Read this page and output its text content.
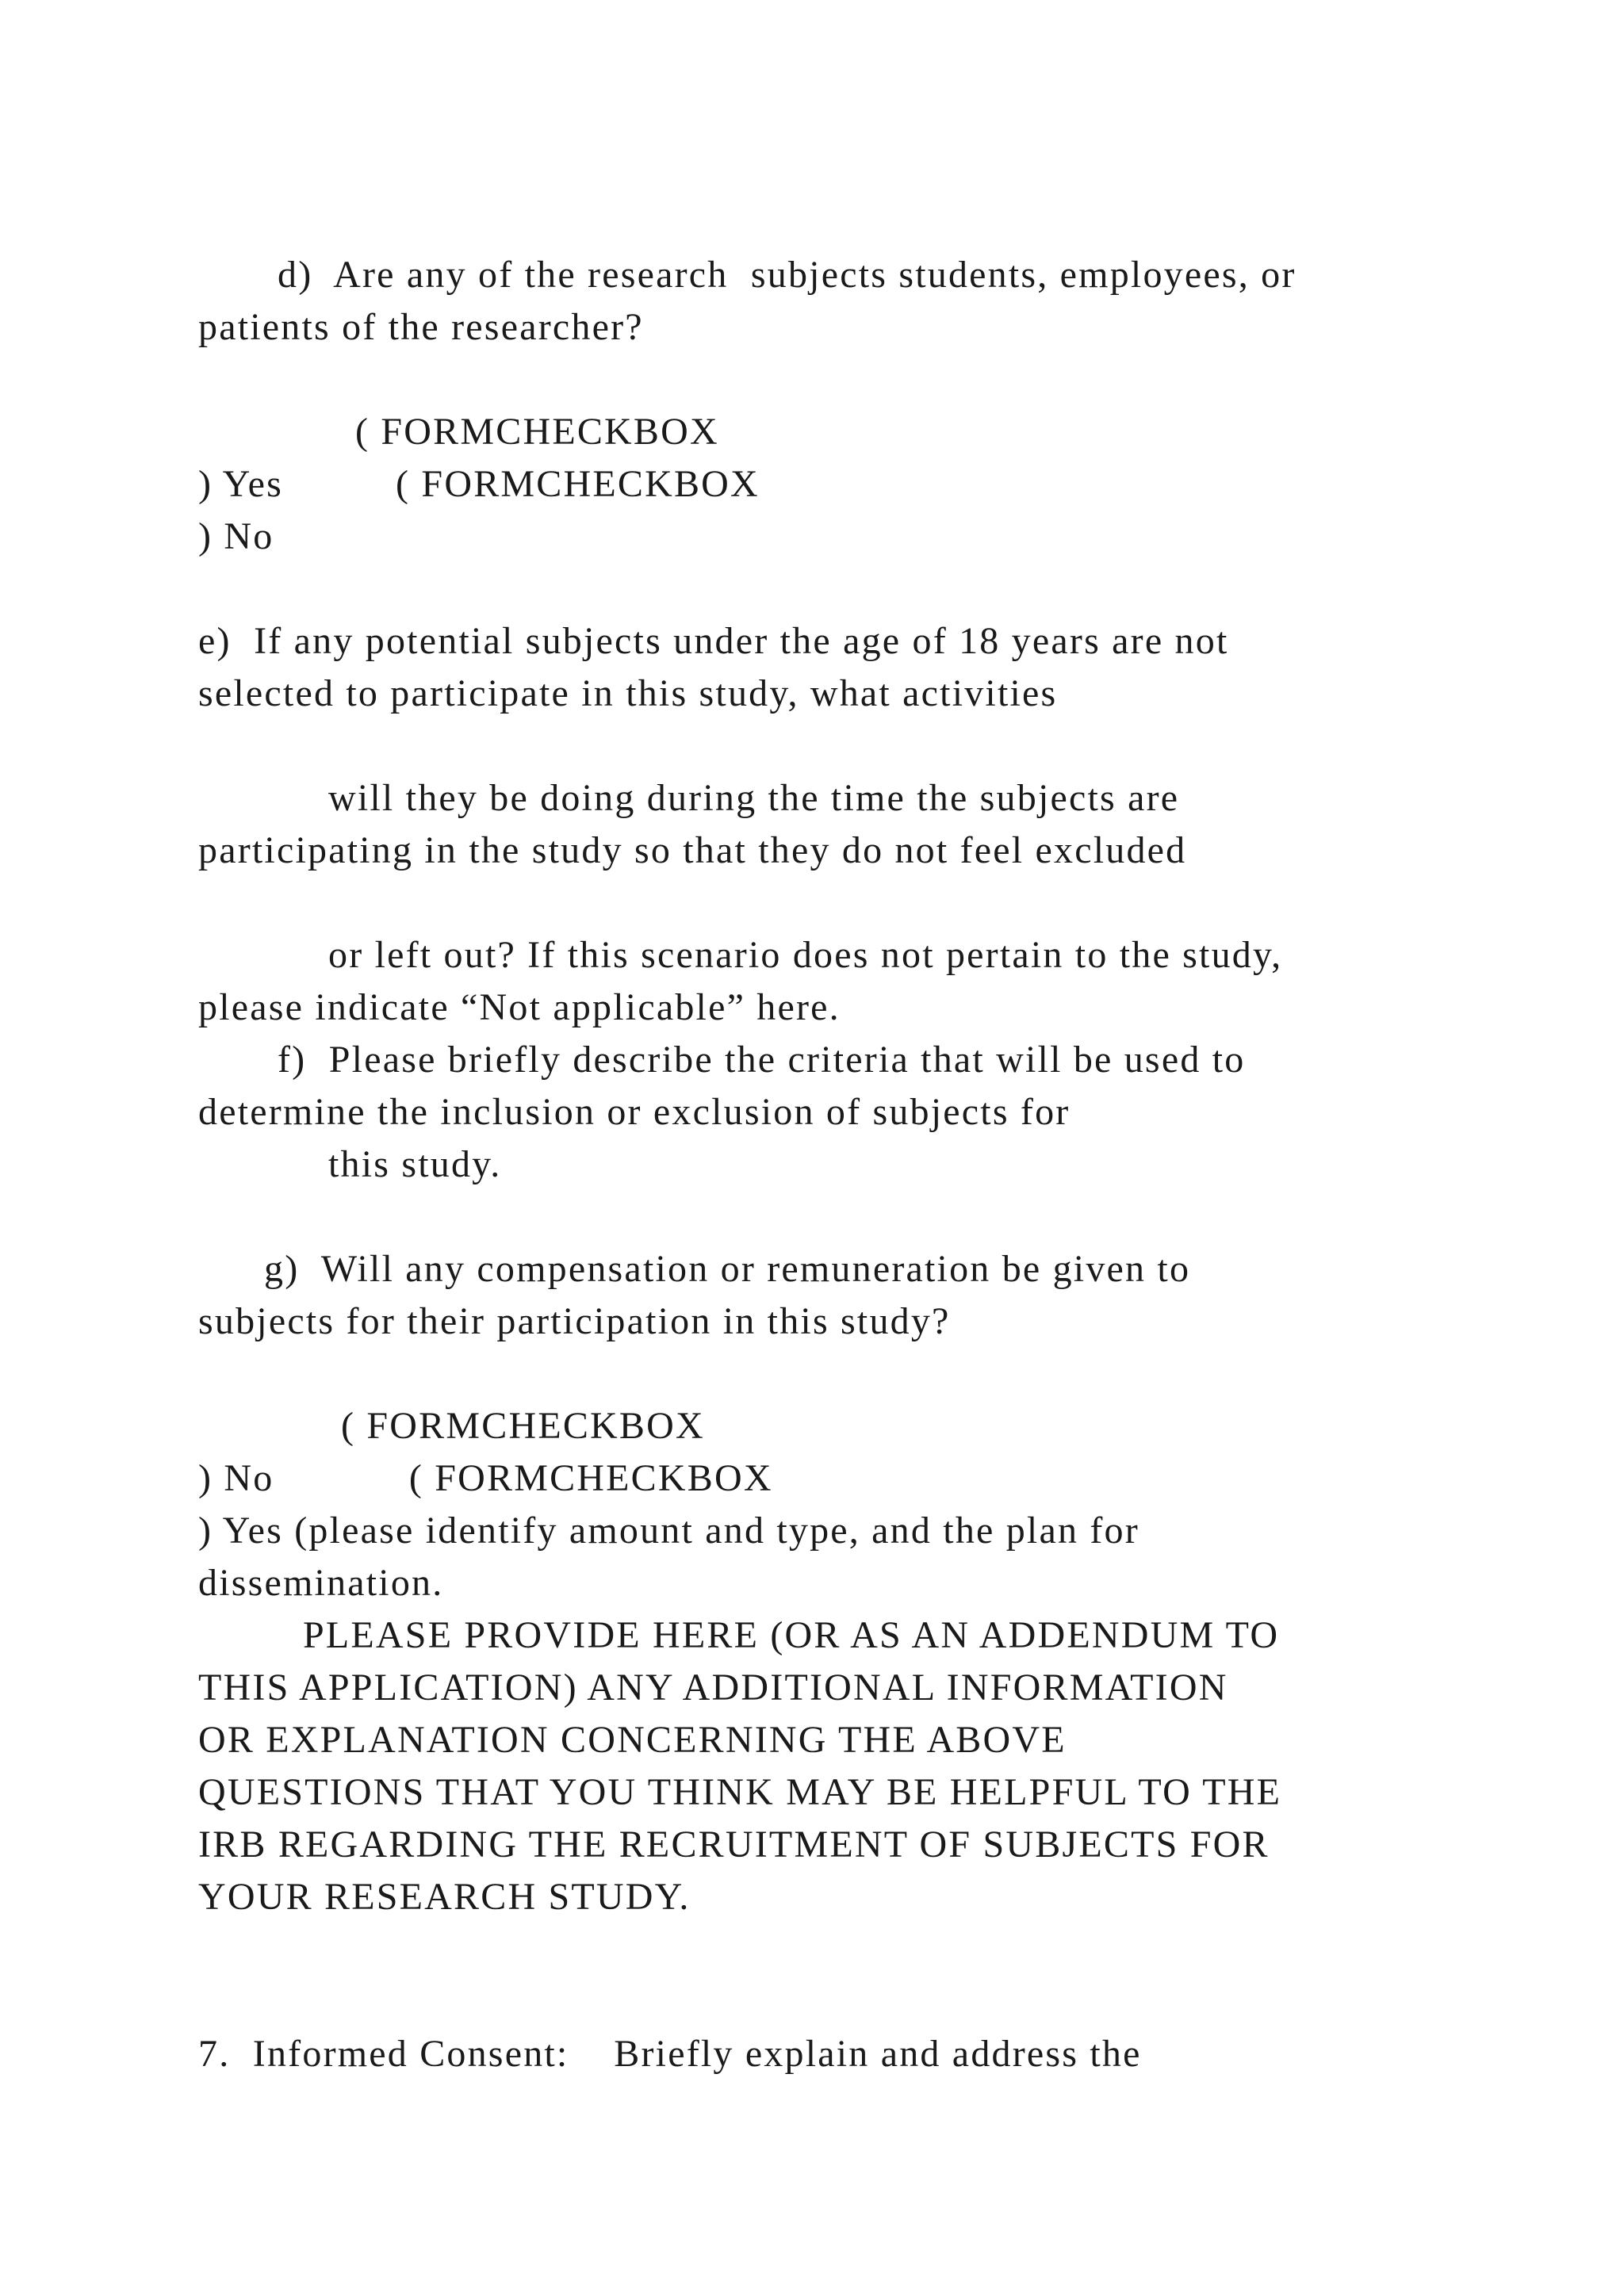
d)  Are any of the research  subjects students, employees, or

patients of the researcher?

( FORMCHECKBOX

) Yes          ( FORMCHECKBOX

) No

e)  If any potential subjects under the age of 18 years are not

selected to participate in this study, what activities

will they be doing during the time the subjects are

participating in the study so that they do not feel excluded

or left out? If this scenario does not pertain to the study,

please indicate “Not applicable” here.

f)  Please briefly describe the criteria that will be used to

determine the inclusion or exclusion of subjects for

this study.

g)  Will any compensation or remuneration be given to

subjects for their participation in this study?

( FORMCHECKBOX

) No            ( FORMCHECKBOX

) Yes (please identify amount and type, and the plan for

dissemination.

PLEASE PROVIDE HERE (OR AS AN ADDENDUM TO

THIS APPLICATION) ANY ADDITIONAL INFORMATION

OR EXPLANATION CONCERNING THE ABOVE

QUESTIONS THAT YOU THINK MAY BE HELPFUL TO THE

IRB REGARDING THE RECRUITMENT OF SUBJECTS FOR

YOUR RESEARCH STUDY.

7.  Informed Consent:    Briefly explain and address the
